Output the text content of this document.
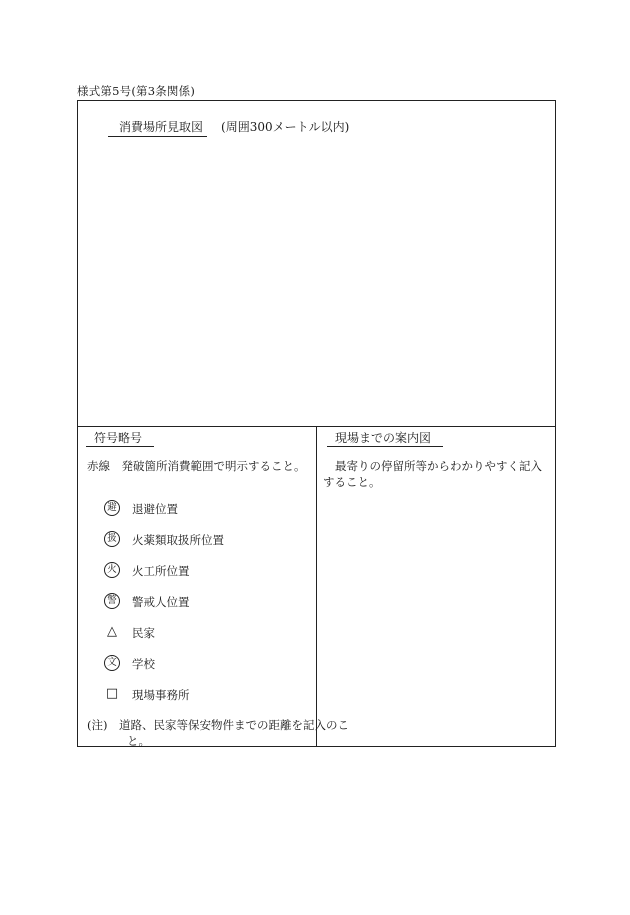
様式第5号(第3条関係)
消費場所見取図 (周囲300メートル以内)
符号略号
赤線　発破箇所消費範囲で明示すること。
避 退避位置
扱 火薬類取扱所位置
火 火工所位置
警 警戒人位置
△ 民家
文 学校
□ 現場事務所
(注)　道路、民家等保安物件までの距離を記入のこと。
現場までの案内図
最寄りの停留所等からわかりやすく記入すること。
